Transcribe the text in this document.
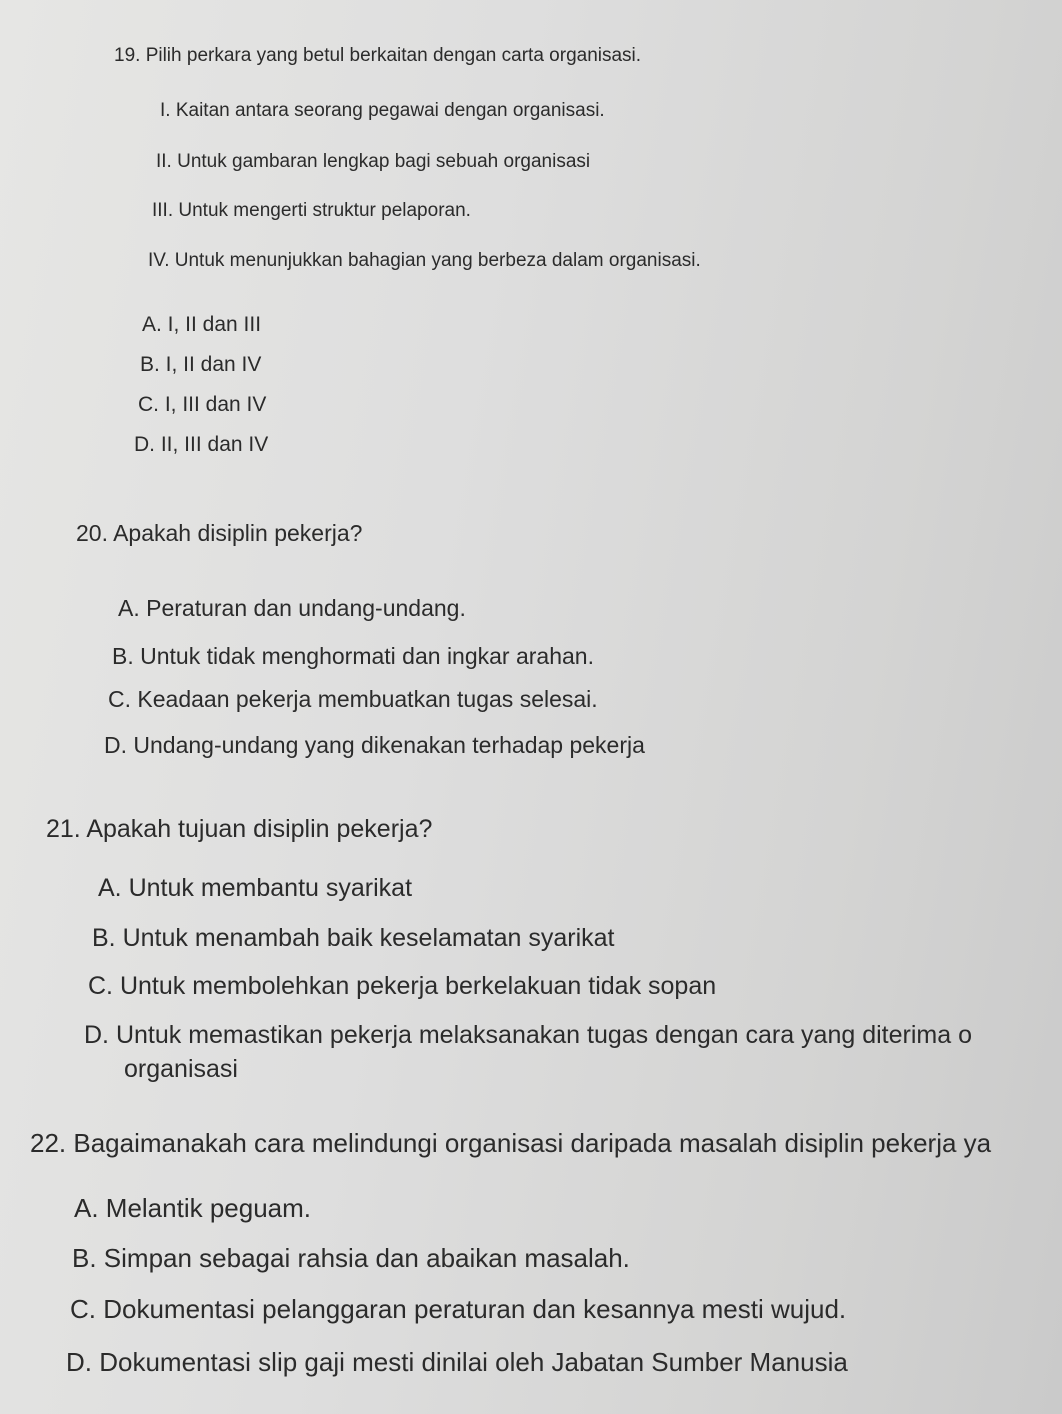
19. Pilih perkara yang betul berkaitan dengan carta organisasi.
I. Kaitan antara seorang pegawai dengan organisasi.
II. Untuk gambaran lengkap bagi sebuah organisasi
III. Untuk mengerti struktur pelaporan.
IV. Untuk menunjukkan bahagian yang berbeza dalam organisasi.
A. I, II dan III
B. I, II dan IV
C. I, III dan IV
D. II, III dan IV
20. Apakah disiplin pekerja?
A. Peraturan dan undang-undang.
B. Untuk tidak menghormati dan ingkar arahan.
C. Keadaan pekerja membuatkan tugas selesai.
D. Undang-undang yang dikenakan terhadap pekerja
21. Apakah tujuan disiplin pekerja?
A. Untuk membantu syarikat
B. Untuk menambah baik keselamatan syarikat
C. Untuk membolehkan pekerja berkelakuan tidak sopan
D. Untuk memastikan pekerja melaksanakan tugas dengan cara yang diterima o
organisasi
22. Bagaimanakah cara melindungi organisasi daripada masalah disiplin pekerja ya
A. Melantik peguam.
B. Simpan sebagai rahsia dan abaikan masalah.
C. Dokumentasi pelanggaran peraturan dan kesannya mesti wujud.
D. Dokumentasi slip gaji mesti dinilai oleh Jabatan Sumber Manusia
